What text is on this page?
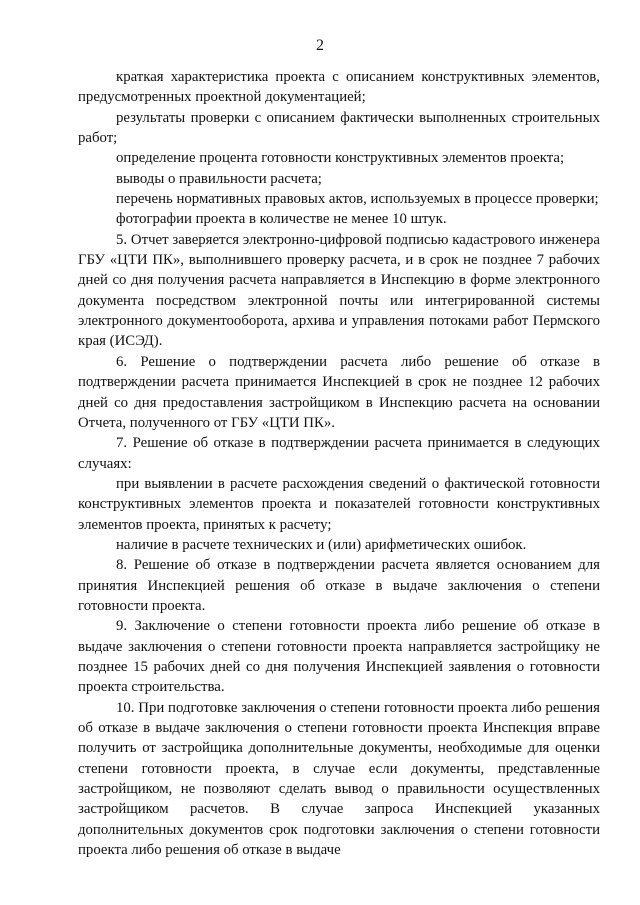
2

краткая характеристика проекта с описанием конструктивных элементов, предусмотренных проектной документацией;

результаты проверки с описанием фактически выполненных строительных работ;

определение процента готовности конструктивных элементов проекта;

выводы о правильности расчета;

перечень нормативных правовых актов, используемых в процессе проверки;

фотографии проекта в количестве не менее 10 штук.

5. Отчет заверяется электронно-цифровой подписью кадастрового инженера ГБУ «ЦТИ ПК», выполнившего проверку расчета, и в срок не позднее 7 рабочих дней со дня получения расчета направляется в Инспекцию в форме электронного документа посредством электронной почты или интегрированной системы электронного документооборота, архива и управления потоками работ Пермского края (ИСЭД).

6. Решение о подтверждении расчета либо решение об отказе в подтверждении расчета принимается Инспекцией в срок не позднее 12 рабочих дней со дня предоставления застройщиком в Инспекцию расчета на основании Отчета, полученного от ГБУ «ЦТИ ПК».

7. Решение об отказе в подтверждении расчета принимается в следующих случаях:

при выявлении в расчете расхождения сведений о фактической готовности конструктивных элементов проекта и показателей готовности конструктивных элементов проекта, принятых к расчету;

наличие в расчете технических и (или) арифметических ошибок.

8. Решение об отказе в подтверждении расчета является основанием для принятия Инспекцией решения об отказе в выдаче заключения о степени готовности проекта.

9. Заключение о степени готовности проекта либо решение об отказе в выдаче заключения о степени готовности проекта направляется застройщику не позднее 15 рабочих дней со дня получения Инспекцией заявления о готовности проекта строительства.

10. При подготовке заключения о степени готовности проекта либо решения об отказе в выдаче заключения о степени готовности проекта Инспекция вправе получить от застройщика дополнительные документы, необходимые для оценки степени готовности проекта, в случае если документы, представленные застройщиком, не позволяют сделать вывод о правильности осуществленных застройщиком расчетов. В случае запроса Инспекцией указанных дополнительных документов срок подготовки заключения о степени готовности проекта либо решения об отказе в выдаче
